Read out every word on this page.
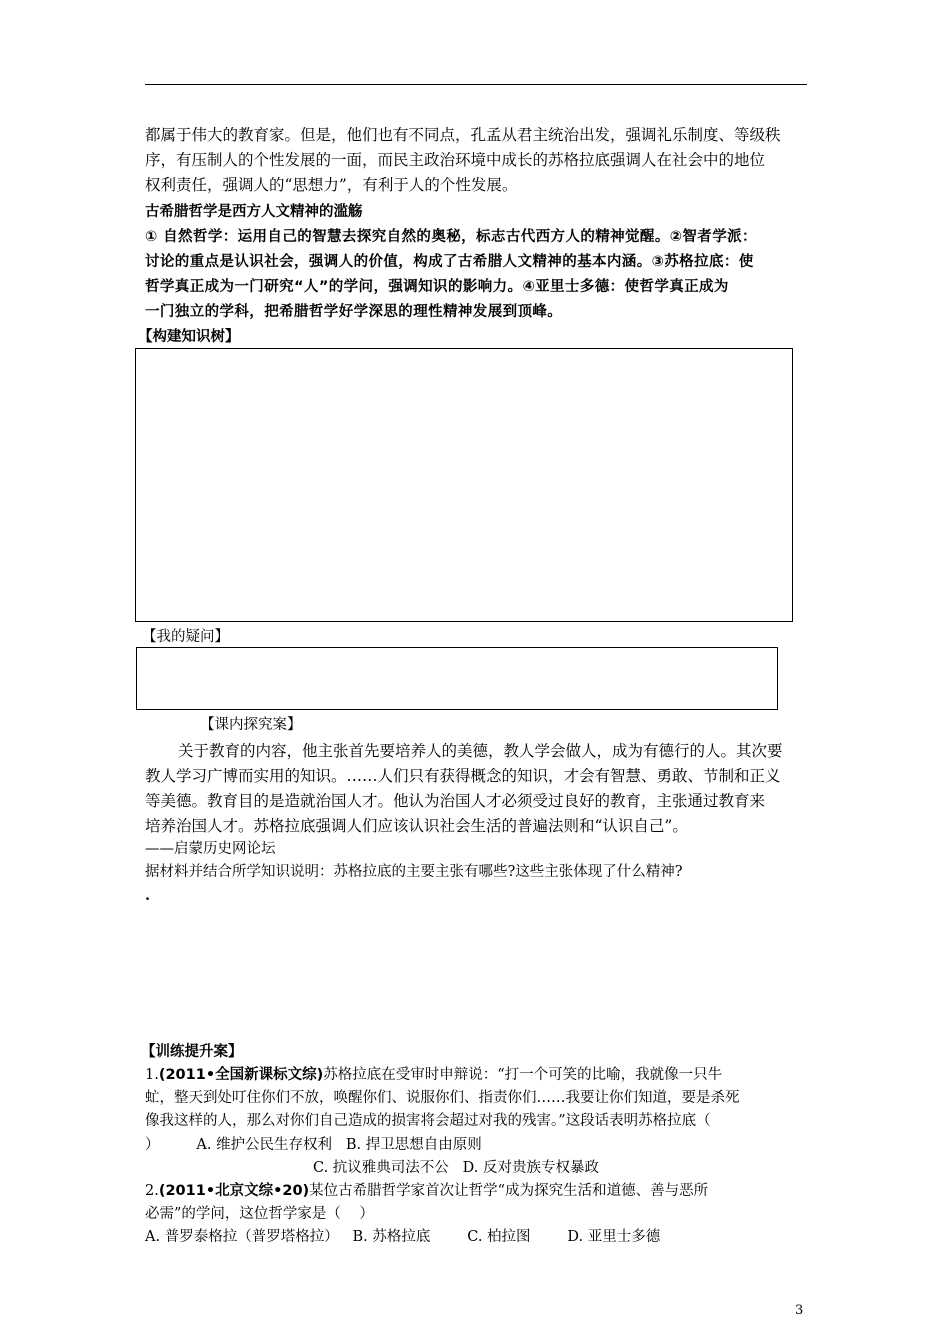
都属于伟大的教育家。但是，他们也有不同点，孔孟从君主统治出发，强调礼乐制度、等级秩
序，有压制人的个性发展的一面，而民主政治环境中成长的苏格拉底强调人在社会中的地位
权利责任，强调人的“思想力”，有利于人的个性发展。
古希腊哲学是西方人文精神的滥觞
① 自然哲学：运用自己的智慧去探究自然的奥秘，标志古代西方人的精神觉醒。②智者学派：
讨论的重点是认识社会，强调人的价值，构成了古希腊人文精神的基本内涵。③苏格拉底：使
哲学真正成为一门研究“人”的学问，强调知识的影响力。④亚里士多德：使哲学真正成为
一门独立的学科，把希腊哲学好学深思的理性精神发展到顶峰。
【构建知识树】
【我的疑问】
【课内探究案】
关于教育的内容，他主张首先要培养人的美德，教人学会做人，成为有德行的人。其次要
教人学习广博而实用的知识。……人们只有获得概念的知识，才会有智慧、勇敢、节制和正义
等美德。教育目的是造就治国人才。他认为治国人才必须受过良好的教育，主张通过教育来
培养治国人才。苏格拉底强调人们应该认识社会生活的普遍法则和“认识自己”。
——启蒙历史网论坛
据材料并结合所学知识说明：苏格拉底的主要主张有哪些?这些主张体现了什么精神?
.
【训练提升案】
1.(2011•全国新课标文综)苏格拉底在受审时申辩说：“打一个可笑的比喻，我就像一只牛
虻，整天到处叮住你们不放，唤醒你们、说服你们、指责你们……我要让你们知道，要是杀死
像我这样的人，那么对你们自己造成的损害将会超过对我的残害。”这段话表明苏格拉底（
）        A. 维护公民生存权利   B. 捍卫思想自由原则
C. 抗议雅典司法不公   D. 反对贵族专权暴政
2.(2011•北京文综•20)某位古希腊哲学家首次让哲学“成为探究生活和道德、善与恶所
必需”的学问，这位哲学家是（    ）
A. 普罗泰格拉（普罗塔格拉）   B. 苏格拉底        C. 柏拉图        D. 亚里士多德
3
